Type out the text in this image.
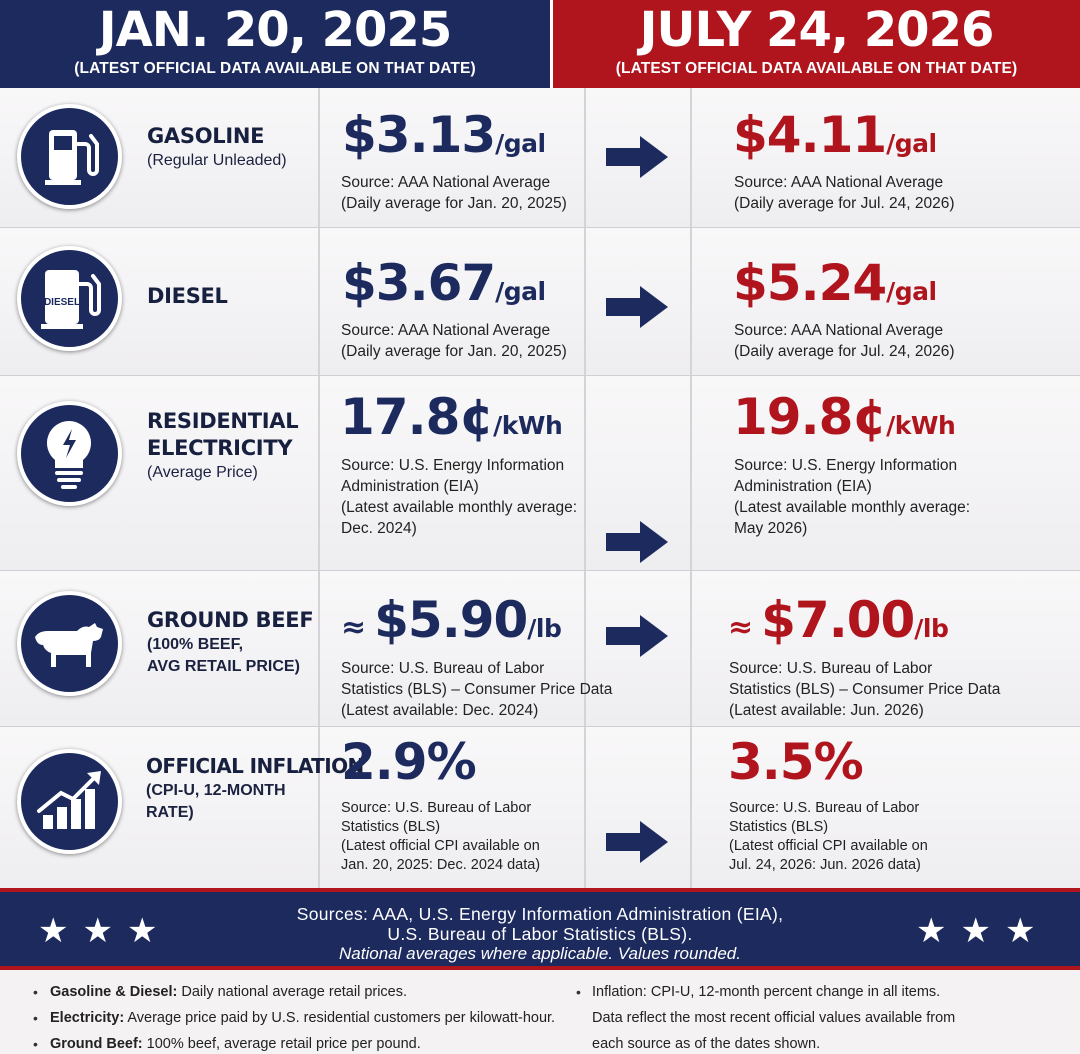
JAN. 20, 2025
(LATEST OFFICIAL DATA AVAILABLE ON THAT DATE)
JULY 24, 2026
(LATEST OFFICIAL DATA AVAILABLE ON THAT DATE)
GASOLINE
(Regular Unleaded) $3.13/gal
Source: AAA National Average
(Daily average for Jan. 20, 2025)
$4.11/gal
Source: AAA National Average
(Daily average for Jul. 24, 2026)
DIESEL	DIESEL $3.67/gal
Source: AAA National Average
(Daily average for Jan. 20, 2025)
$5.24/gal
Source: AAA National Average
(Daily average for Jul. 24, 2026)
RESIDENTIAL
ELECTRICITY
(Average Price)
17.8¢/kWh
Source: U.S. Energy Information
Administration (EIA)
(Latest available monthly average:
Dec. 2024)
19.8¢/kWh
Source: U.S. Energy Information
Administration (EIA)
(Latest available monthly average:
May 2026)
GROUND BEEF
(100% BEEF,
AVG RETAIL PRICE)
≈ $5.90/lb
Source: U.S. Bureau of Labor
Statistics (BLS) – Consumer Price Data
(Latest available: Dec. 2024)
≈ $7.00/lb
Source: U.S. Bureau of Labor
Statistics (BLS) – Consumer Price Data
(Latest available: Jun. 2026)
OFFICIAL INFLATION
(CPI-U, 12-MONTH
RATE)
2.9%
Source: U.S. Bureau of Labor
Statistics (BLS)
(Latest official CPI available on
Jan. 20, 2025: Dec. 2024 data)
3.5%
Source: U.S. Bureau of Labor
Statistics (BLS)
(Latest official CPI available on
Jul. 24, 2026: Jun. 2026 data)
★★★	Sources: AAA, U.S. Energy Information Administration (EIA),
U.S. Bureau of Labor Statistics (BLS).
National averages where applicable. Values rounded.
★★★
• Gasoline & Diesel: Daily national average retail prices.
• Electricity: Average price paid by U.S. residential customers per kilowatt-hour.
• Ground Beef: 100% beef, average retail price per pound.
• Inflation: CPI-U, 12-month percent change in all items.
Data reflect the most recent official values available from
each source as of the dates shown.
